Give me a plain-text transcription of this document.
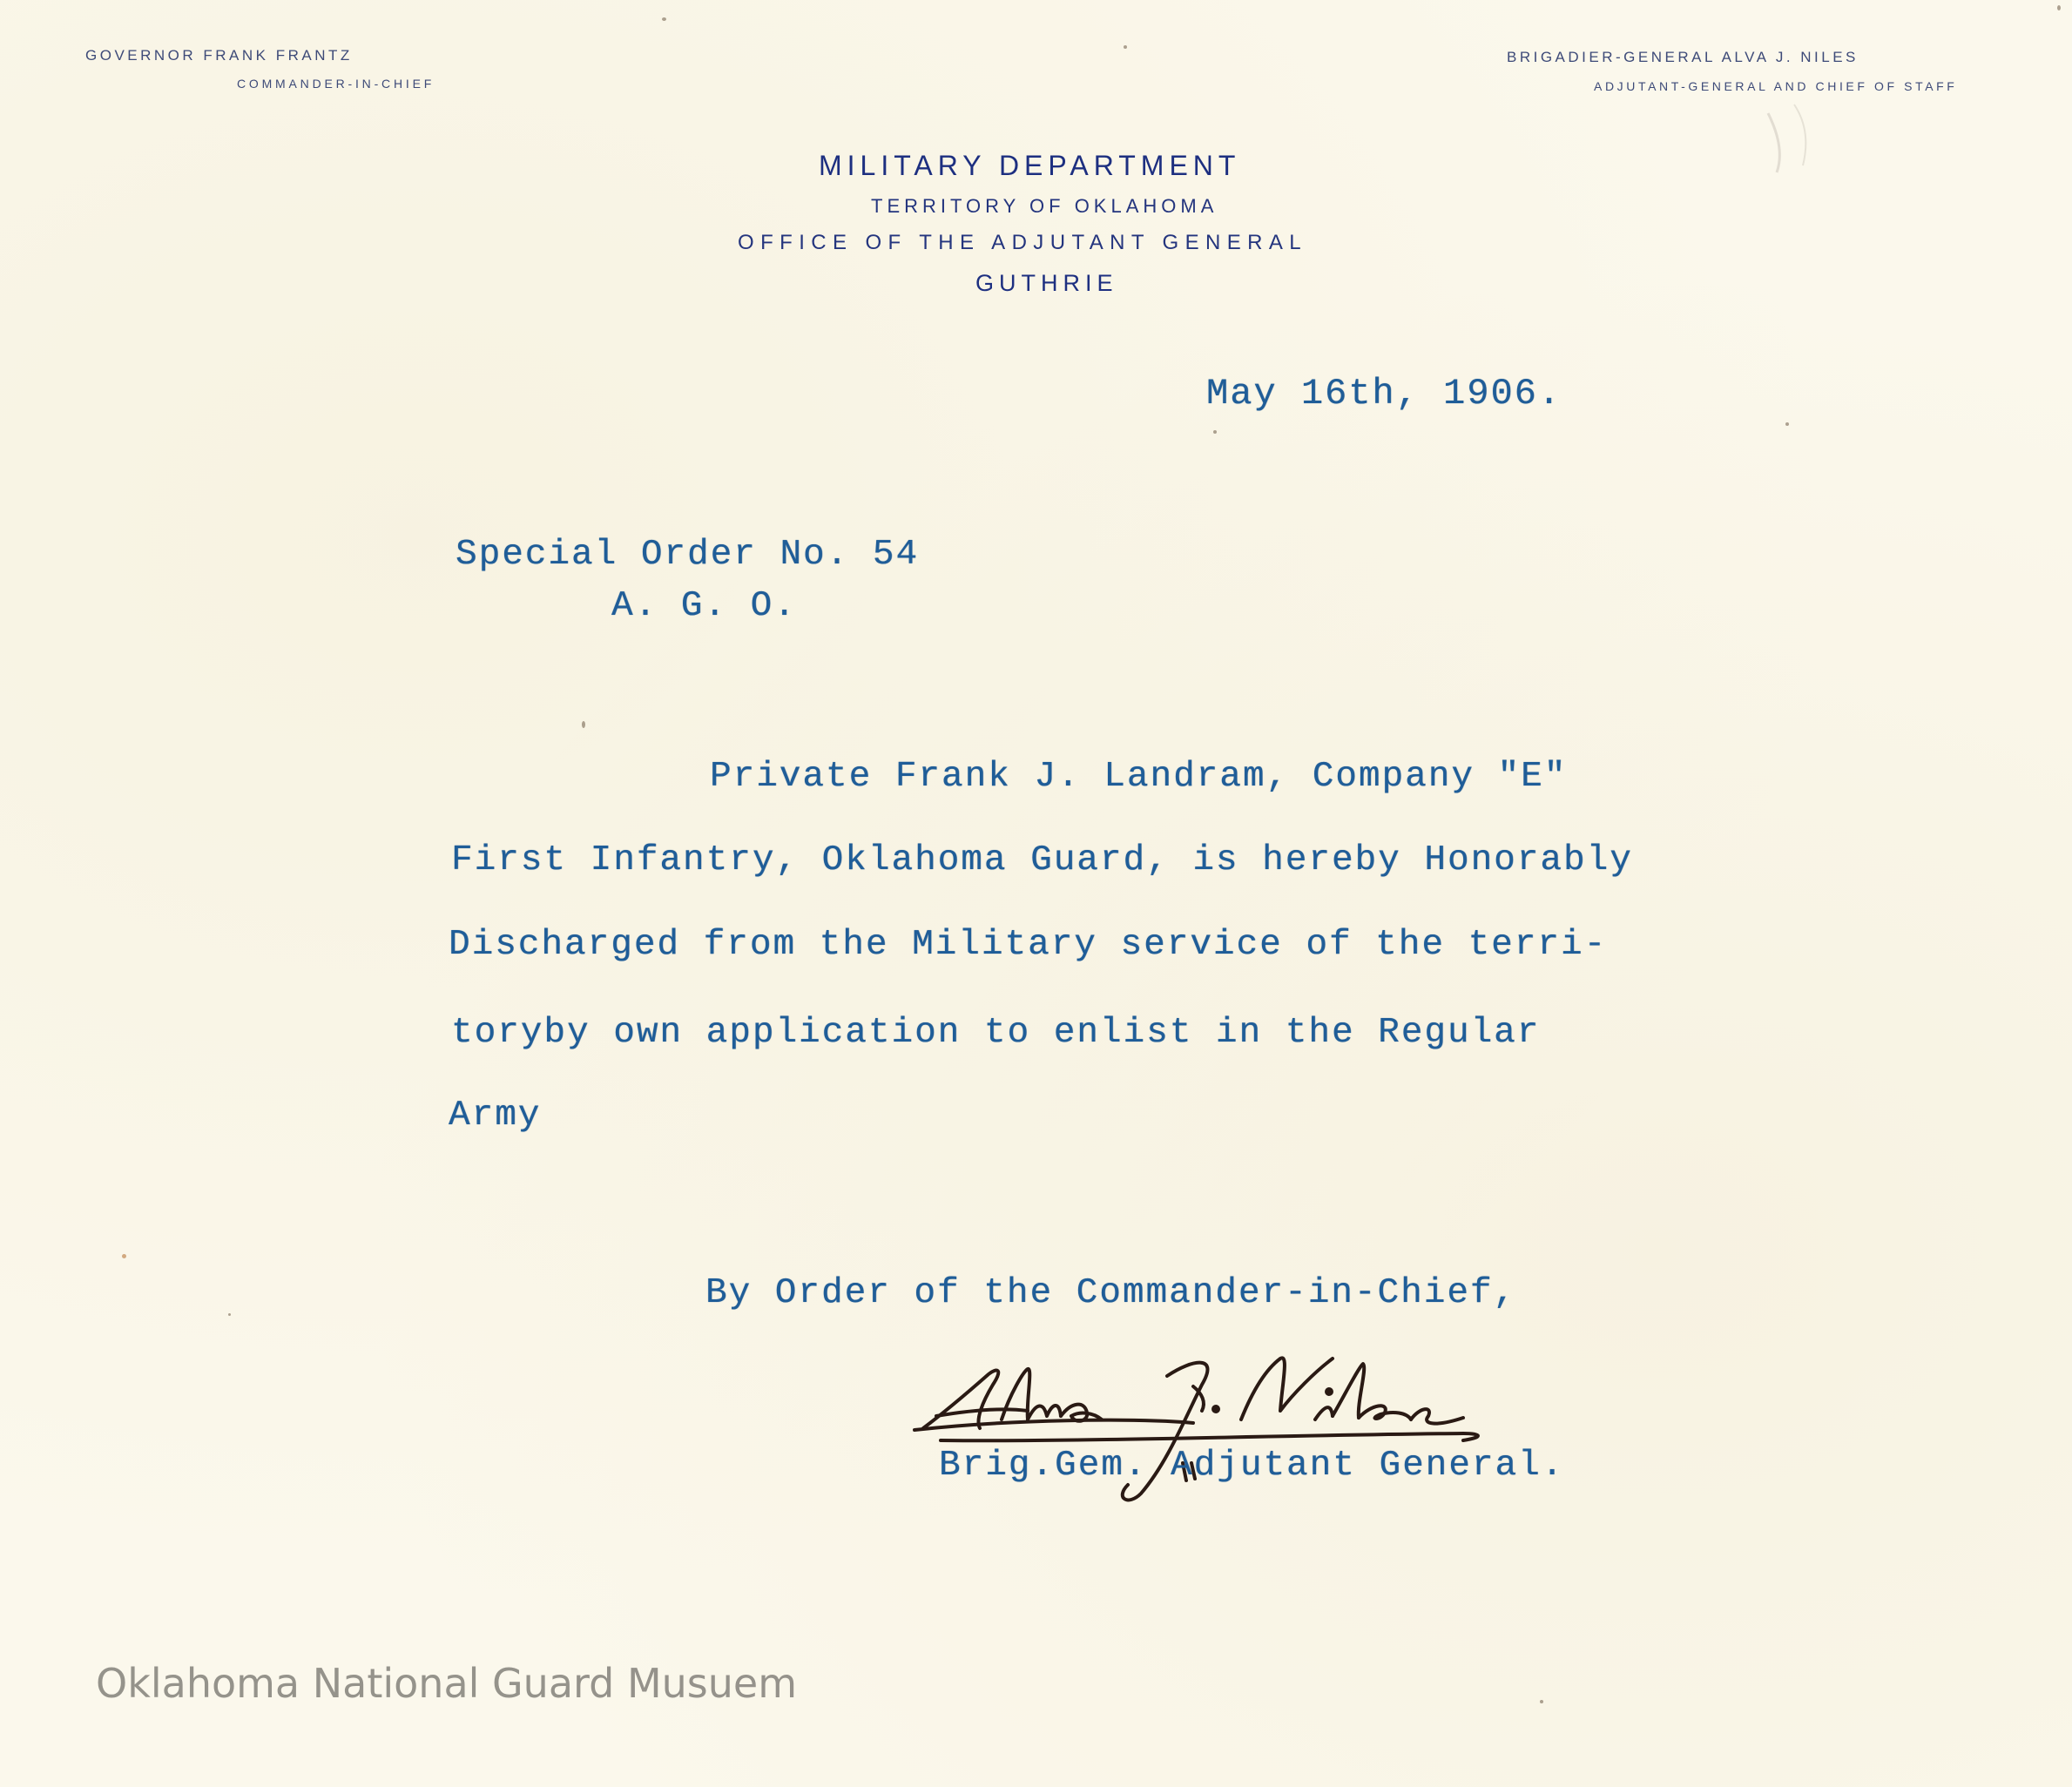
GOVERNOR FRANK FRANTZ
COMMANDER-IN-CHIEF
BRIGADIER-GENERAL ALVA J. NILES
ADJUTANT-GENERAL AND CHIEF OF STAFF
MILITARY DEPARTMENT
TERRITORY OF OKLAHOMA
OFFICE OF THE ADJUTANT GENERAL
GUTHRIE
May 16th, 1906.
Special Order No. 54
A. G. O.
Private Frank J. Landram, Company "E"
First Infantry, Oklahoma Guard, is hereby Honorably
Discharged from the Military service of the terri-
toryby own application to enlist in the Regular
Army
By Order of the Commander-in-Chief,
Brig.Gem. Adjutant General.
Oklahoma National Guard Musuem
